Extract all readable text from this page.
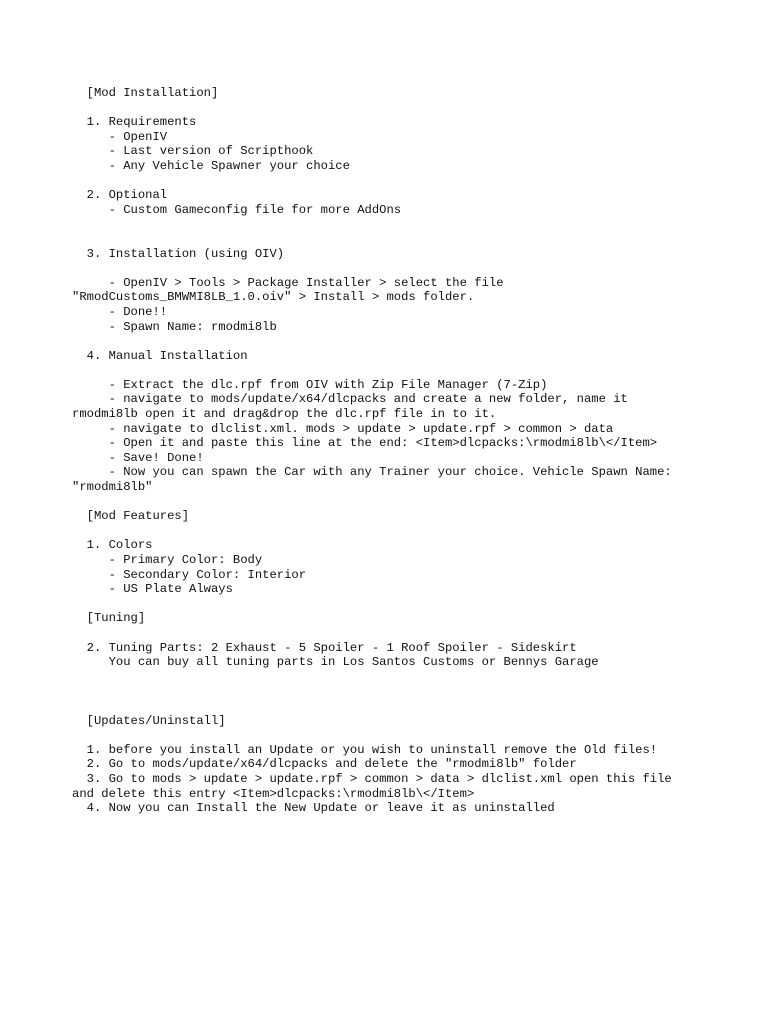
[Mod Installation]
1. Requirements
- OpenIV
- Last version of Scripthook
- Any Vehicle Spawner your choice
2. Optional
- Custom Gameconfig file for more AddOns
3. Installation (using OIV)
- OpenIV > Tools > Package Installer > select the file
"RmodCustoms_BMWMI8LB_1.0.oiv" > Install > mods folder.
- Done!!
- Spawn Name: rmodmi8lb
4. Manual Installation
- Extract the dlc.rpf from OIV with Zip File Manager (7-Zip)
- navigate to mods/update/x64/dlcpacks and create a new folder, name it
rmodmi8lb open it and drag&drop the dlc.rpf file in to it.
- navigate to dlclist.xml. mods > update > update.rpf > common > data
- Open it and paste this line at the end: <Item>dlcpacks:\rmodmi8lb\</Item>
- Save! Done!
- Now you can spawn the Car with any Trainer your choice. Vehicle Spawn Name:
"rmodmi8lb"
[Mod Features]
1. Colors
- Primary Color: Body
- Secondary Color: Interior
- US Plate Always
[Tuning]
2. Tuning Parts: 2 Exhaust - 5 Spoiler - 1 Roof Spoiler - Sideskirt
You can buy all tuning parts in Los Santos Customs or Bennys Garage
[Updates/Uninstall]
1. before you install an Update or you wish to uninstall remove the Old files!
2. Go to mods/update/x64/dlcpacks and delete the "rmodmi8lb" folder
3. Go to mods > update > update.rpf > common > data > dlclist.xml open this file
and delete this entry <Item>dlcpacks:\rmodmi8lb\</Item>
4. Now you can Install the New Update or leave it as uninstalled
